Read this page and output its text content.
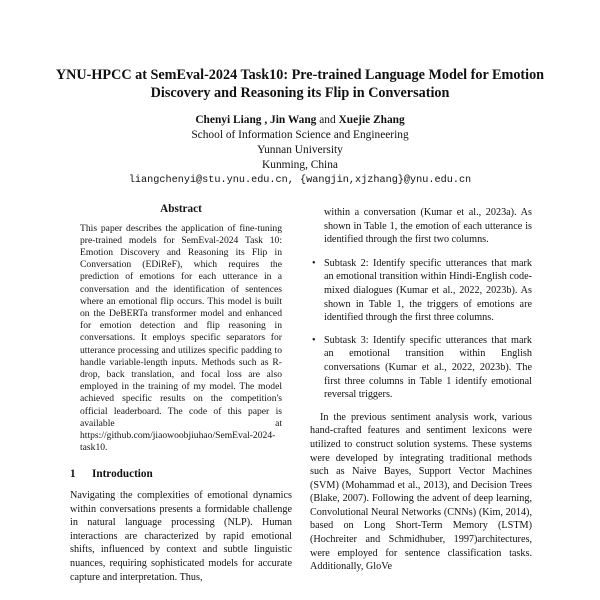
YNU-HPCC at SemEval-2024 Task10: Pre-trained Language Model for Emotion Discovery and Reasoning its Flip in Conversation
Chenyi Liang , Jin Wang and Xuejie Zhang
School of Information Science and Engineering
Yunnan University
Kunming, China
liangchenyi@stu.ynu.edu.cn, {wangjin,xjzhang}@ynu.edu.cn
Abstract

This paper describes the application of fine-tuning pre-trained models for SemEval-2024 Task 10: Emotion Discovery and Reasoning its Flip in Conversation (EDiReF), which requires the prediction of emotions for each utterance in a conversation and the identification of sentences where an emotional flip occurs. This model is built on the DeBERTa transformer model and enhanced for emotion detection and flip reasoning in conversations. It employs specific separators for utterance processing and utilizes specific padding to handle variable-length inputs. Methods such as R-drop, back translation, and focal loss are also employed in the training of my model. The model achieved specific results on the competition's official leaderboard. The code of this paper is available at https://github.com/jiaowoobjiuhao/SemEval-2024-task10.

1 Introduction

Navigating the complexities of emotional dynamics within conversations presents a formidable challenge in natural language processing (NLP). Human interactions are characterized by rapid emotional shifts, influenced by context and subtle linguistic nuances, requiring sophisticated models for accurate capture and interpretation. Thus,

within a conversation (Kumar et al., 2023a). As shown in Table 1, the emotion of each utterance is identified through the first two columns.

• Subtask 2: Identify specific utterances that mark an emotional transition within Hindi-English code-mixed dialogues (Kumar et al., 2022, 2023b). As shown in Table 1, the triggers of emotions are identified through the first three columns.
• Subtask 3: Identify specific utterances that mark an emotional transition within English conversations (Kumar et al., 2022, 2023b). The first three columns in Table 1 identify emotional reversal triggers.

In the previous sentiment analysis work, various hand-crafted features and sentiment lexicons were utilized to construct solution systems. These systems were developed by integrating traditional methods such as Naive Bayes, Support Vector Machines (SVM) (Mohammad et al., 2013), and Decision Trees (Blake, 2007). Following the advent of deep learning, Convolutional Neural Networks (CNNs) (Kim, 2014), based on Long Short-Term Memory (LSTM) (Hochreiter and Schmidhuber, 1997)architectures, were employed for sentence classification tasks. Additionally, GloVe
